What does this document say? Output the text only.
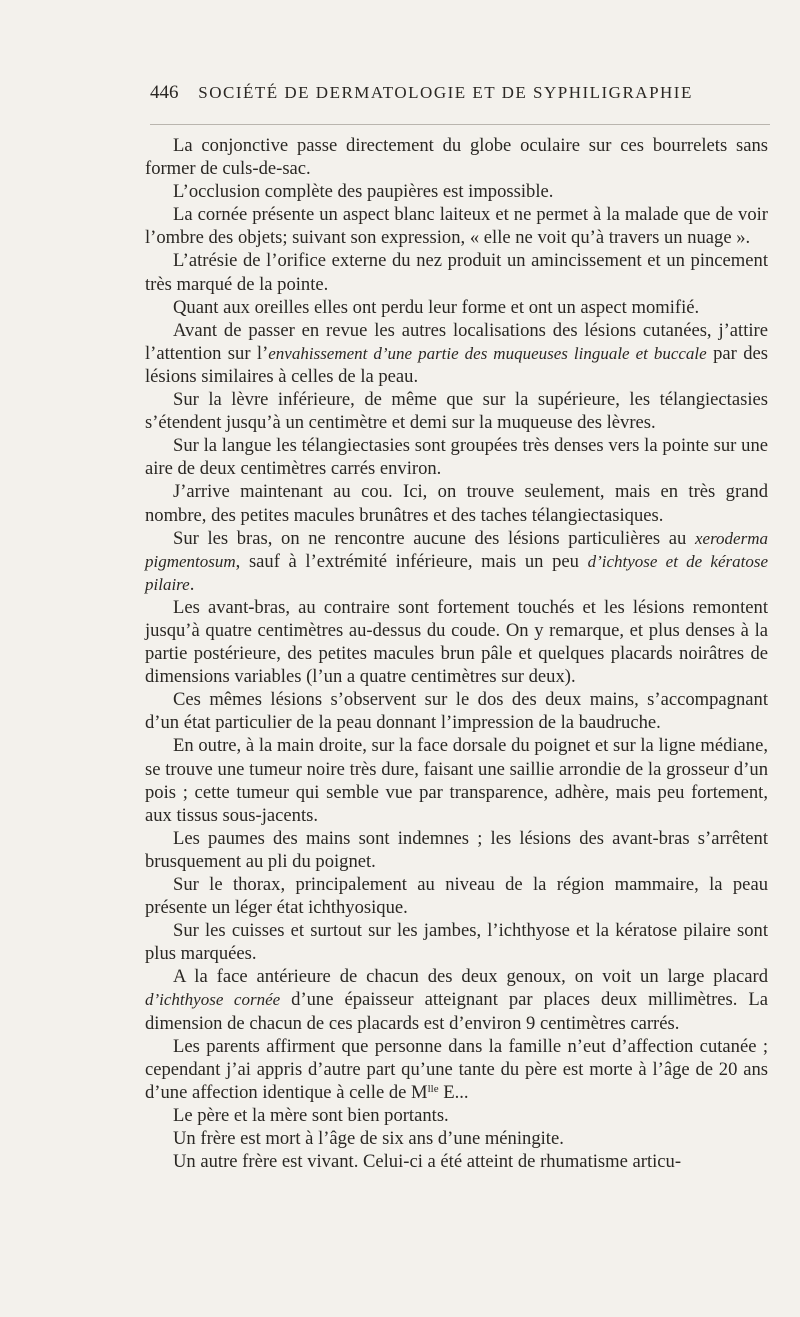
446 SOCIÉTÉ DE DERMATOLOGIE ET DE SYPHILIGRAPHIE

La conjonctive passe directement du globe oculaire sur ces bourrelets sans former de culs-de-sac.

L’occlusion complète des paupières est impossible.

La cornée présente un aspect blanc laiteux et ne permet à la malade que de voir l’ombre des objets; suivant son expression, « elle ne voit qu’à travers un nuage ».

L’atrésie de l’orifice externe du nez produit un amincissement et un pincement très marqué de la pointe.

Quant aux oreilles elles ont perdu leur forme et ont un aspect momifié.

Avant de passer en revue les autres localisations des lésions cutanées, j’attire l’attention sur l’envahissement d’une partie des muqueuses linguale et buccale par des lésions similaires à celles de la peau.

Sur la lèvre inférieure, de même que sur la supérieure, les télangiectasies s’étendent jusqu’à un centimètre et demi sur la muqueuse des lèvres.

Sur la langue les télangiectasies sont groupées très denses vers la pointe sur une aire de deux centimètres carrés environ.

J’arrive maintenant au cou. Ici, on trouve seulement, mais en très grand nombre, des petites macules brunâtres et des taches télangiectasiques.

Sur les bras, on ne rencontre aucune des lésions particulières au xeroderma pigmentosum, sauf à l’extrémité inférieure, mais un peu d’ichtyose et de kératose pilaire.

Les avant-bras, au contraire sont fortement touchés et les lésions remontent jusqu’à quatre centimètres au-dessus du coude. On y remarque, et plus denses à la partie postérieure, des petites macules brun pâle et quelques placards noirâtres de dimensions variables (l’un a quatre centimètres sur deux).

Ces mêmes lésions s’observent sur le dos des deux mains, s’accompagnant d’un état particulier de la peau donnant l’impression de la baudruche.

En outre, à la main droite, sur la face dorsale du poignet et sur la ligne médiane, se trouve une tumeur noire très dure, faisant une saillie arrondie de la grosseur d’un pois ; cette tumeur qui semble vue par transparence, adhère, mais peu fortement, aux tissus sous-jacents.

Les paumes des mains sont indemnes ; les lésions des avant-bras s’arrêtent brusquement au pli du poignet.

Sur le thorax, principalement au niveau de la région mammaire, la peau présente un léger état ichthyosique.

Sur les cuisses et surtout sur les jambes, l’ichthyose et la kératose pilaire sont plus marquées.

A la face antérieure de chacun des deux genoux, on voit un large placard d’ichthyose cornée d’une épaisseur atteignant par places deux millimètres. La dimension de chacun de ces placards est d’environ 9 centimètres carrés.

Les parents affirment que personne dans la famille n’eut d’affection cutanée ; cependant j’ai appris d’autre part qu’une tante du père est morte à l’âge de 20 ans d’une affection identique à celle de $M^{lle}$ E...

Le père et la mère sont bien portants.

Un frère est mort à l’âge de six ans d’une méningite.

Un autre frère est vivant. Celui-ci a été atteint de rhumatisme articu-
